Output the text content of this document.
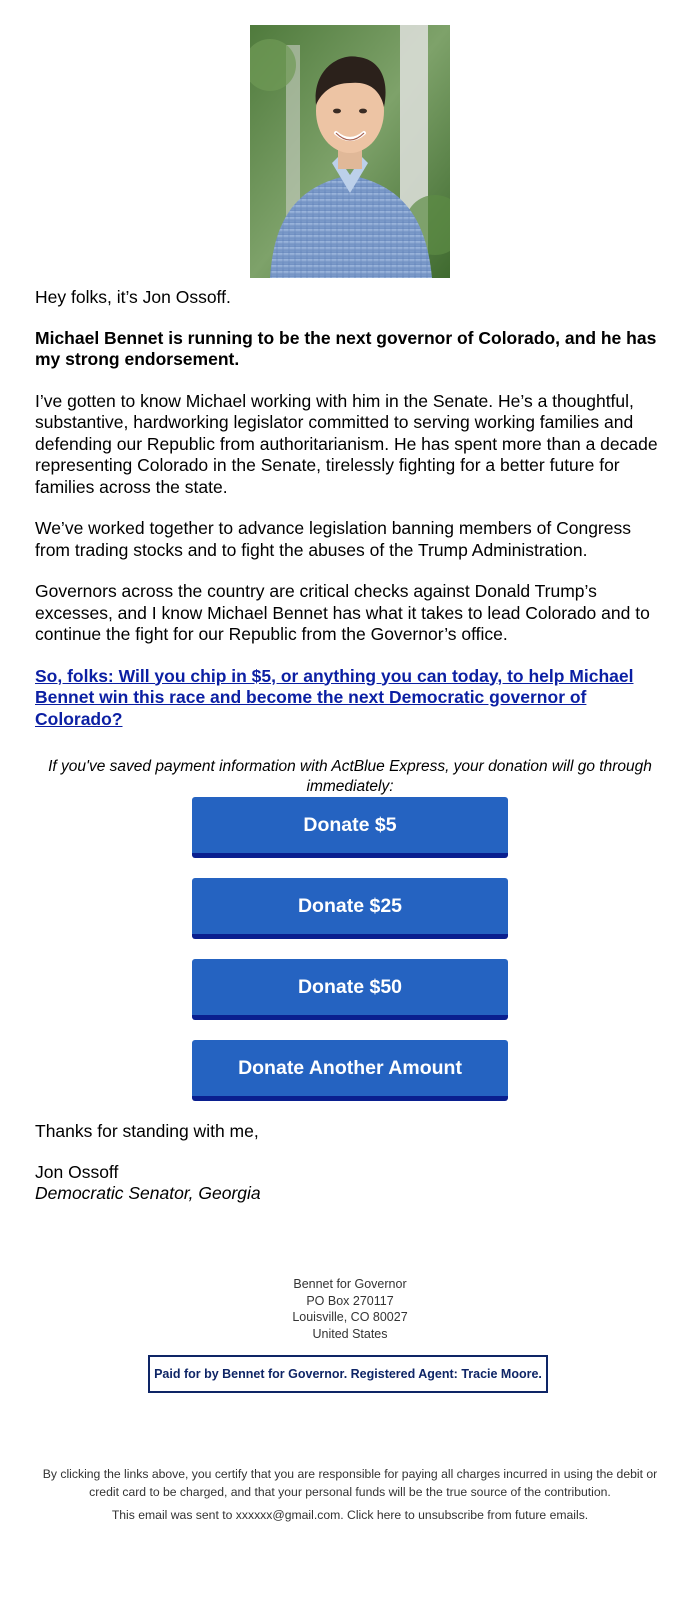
Hey folks, it’s Jon Ossoff.

Michael Bennet is running to be the next governor of Colorado, and he has my strong endorsement.

I’ve gotten to know Michael working with him in the Senate. He’s a thoughtful, substantive, hardworking legislator committed to serving working families and defending our Republic from authoritarianism. He has spent more than a decade representing Colorado in the Senate, tirelessly fighting for a better future for families across the state.

We’ve worked together to advance legislation banning members of Congress from trading stocks and to fight the abuses of the Trump Administration.

Governors across the country are critical checks against Donald Trump’s excesses, and I know Michael Bennet has what it takes to lead Colorado and to continue the fight for our Republic from the Governor’s office.

So, folks: Will you chip in $5, or anything you can today, to help Michael Bennet win this race and become the next Democratic governor of Colorado?

If you've saved payment information with ActBlue Express, your donation will go through immediately:

Donate $5
Donate $25
Donate $50
Donate Another Amount

Thanks for standing with me,

Jon Ossoff

Democratic Senator, Georgia

Bennet for Governor
PO Box 270117
Louisville, CO 80027
United States
Paid for by Bennet for Governor. Registered Agent: Tracie Moore.
By clicking the links above, you certify that you are responsible for paying all charges incurred in using the debit or credit card to be charged, and that your personal funds will be the true source of the contribution.
This email was sent to xxxxxx@gmail.com. Click here to unsubscribe from future emails.
